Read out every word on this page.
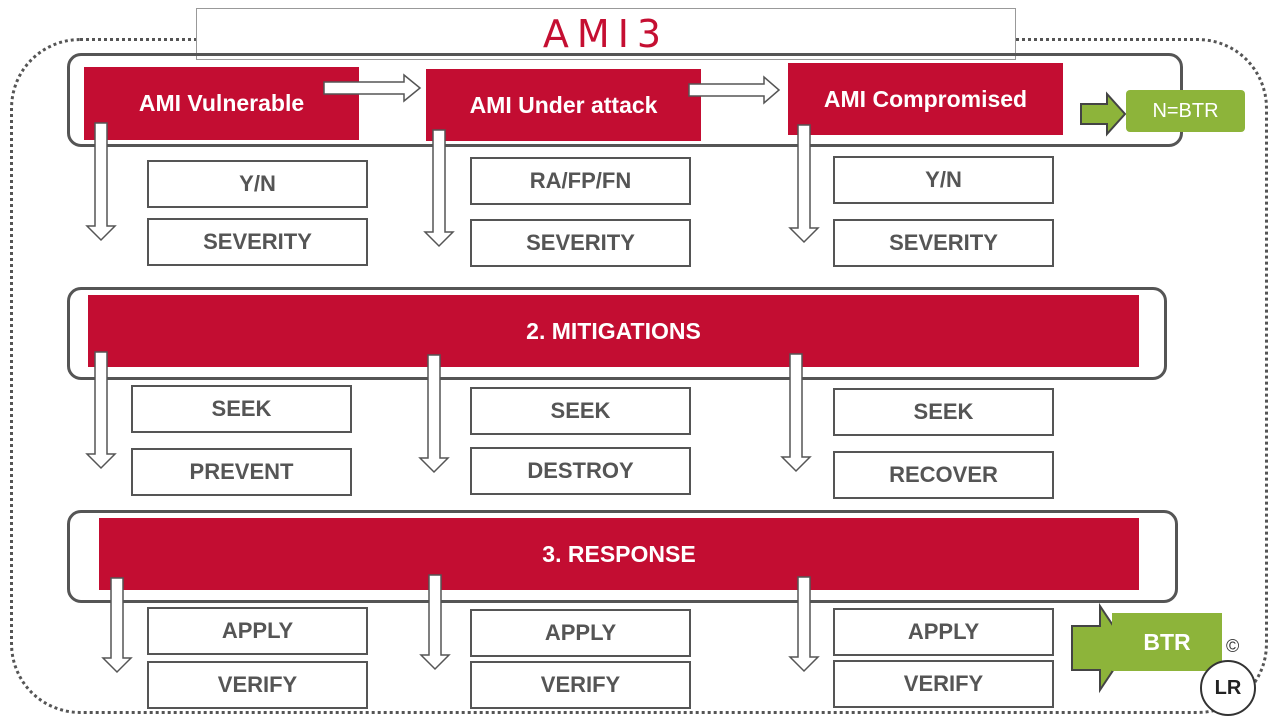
AMI3
AMI Vulnerable	AMI Under attack	AMI Compromised	N=BTR
Y/N
SEVERITY
RA/FP/FN
SEVERITY
Y/N
SEVERITY
2. MITIGATIONS
SEEK
PREVENT
SEEK
DESTROY
SEEK
RECOVER
3. RESPONSE
APPLY
VERIFY
APPLY
VERIFY
APPLY
VERIFY
BTR ©
LR
